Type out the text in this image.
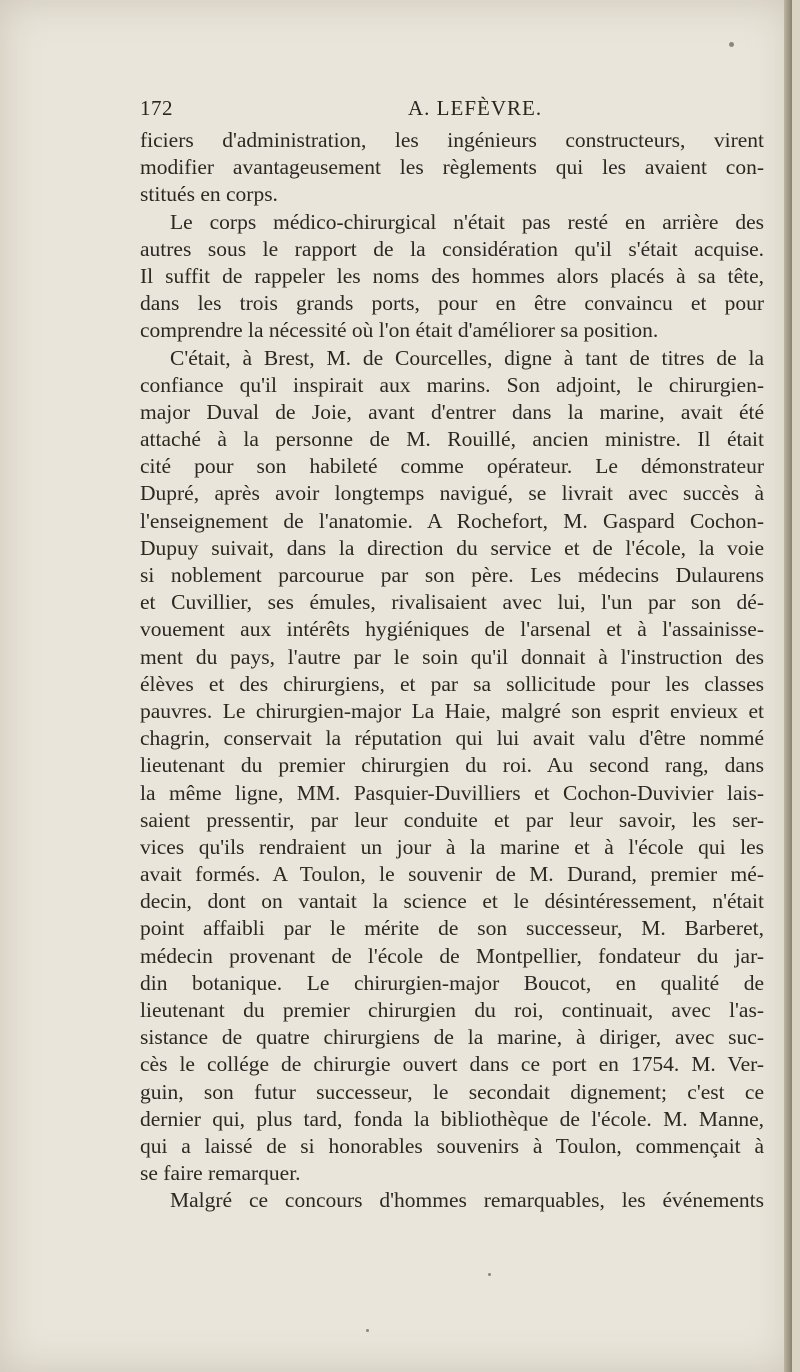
172	A. LEFÈVRE.
ficiers d'administration, les ingénieurs constructeurs, virent
modifier avantageusement les règlements qui les avaient con-
stitués en corps.
Le corps médico-chirurgical n'était pas resté en arrière des
autres sous le rapport de la considération qu'il s'était acquise.
Il suffit de rappeler les noms des hommes alors placés à sa tête,
dans les trois grands ports, pour en être convaincu et pour
comprendre la nécessité où l'on était d'améliorer sa position.
C'était, à Brest, M. de Courcelles, digne à tant de titres de la
confiance qu'il inspirait aux marins. Son adjoint, le chirurgien-
major Duval de Joie, avant d'entrer dans la marine, avait été
attaché à la personne de M. Rouillé, ancien ministre. Il était
cité pour son habileté comme opérateur. Le démonstrateur
Dupré, après avoir longtemps navigué, se livrait avec succès à
l'enseignement de l'anatomie. A Rochefort, M. Gaspard Cochon-
Dupuy suivait, dans la direction du service et de l'école, la voie
si noblement parcourue par son père. Les médecins Dulaurens
et Cuvillier, ses émules, rivalisaient avec lui, l'un par son dé-
vouement aux intérêts hygiéniques de l'arsenal et à l'assainisse-
ment du pays, l'autre par le soin qu'il donnait à l'instruction des
élèves et des chirurgiens, et par sa sollicitude pour les classes
pauvres. Le chirurgien-major La Haie, malgré son esprit envieux et
chagrin, conservait la réputation qui lui avait valu d'être nommé
lieutenant du premier chirurgien du roi. Au second rang, dans
la même ligne, MM. Pasquier-Duvilliers et Cochon-Duvivier lais-
saient pressentir, par leur conduite et par leur savoir, les ser-
vices qu'ils rendraient un jour à la marine et à l'école qui les
avait formés. A Toulon, le souvenir de M. Durand, premier mé-
decin, dont on vantait la science et le désintéressement, n'était
point affaibli par le mérite de son successeur, M. Barberet,
médecin provenant de l'école de Montpellier, fondateur du jar-
din botanique. Le chirurgien-major Boucot, en qualité de
lieutenant du premier chirurgien du roi, continuait, avec l'as-
sistance de quatre chirurgiens de la marine, à diriger, avec suc-
cès le collége de chirurgie ouvert dans ce port en 1754. M. Ver-
guin, son futur successeur, le secondait dignement; c'est ce
dernier qui, plus tard, fonda la bibliothèque de l'école. M. Manne,
qui a laissé de si honorables souvenirs à Toulon, commençait à
se faire remarquer.
Malgré ce concours d'hommes remarquables, les événements
